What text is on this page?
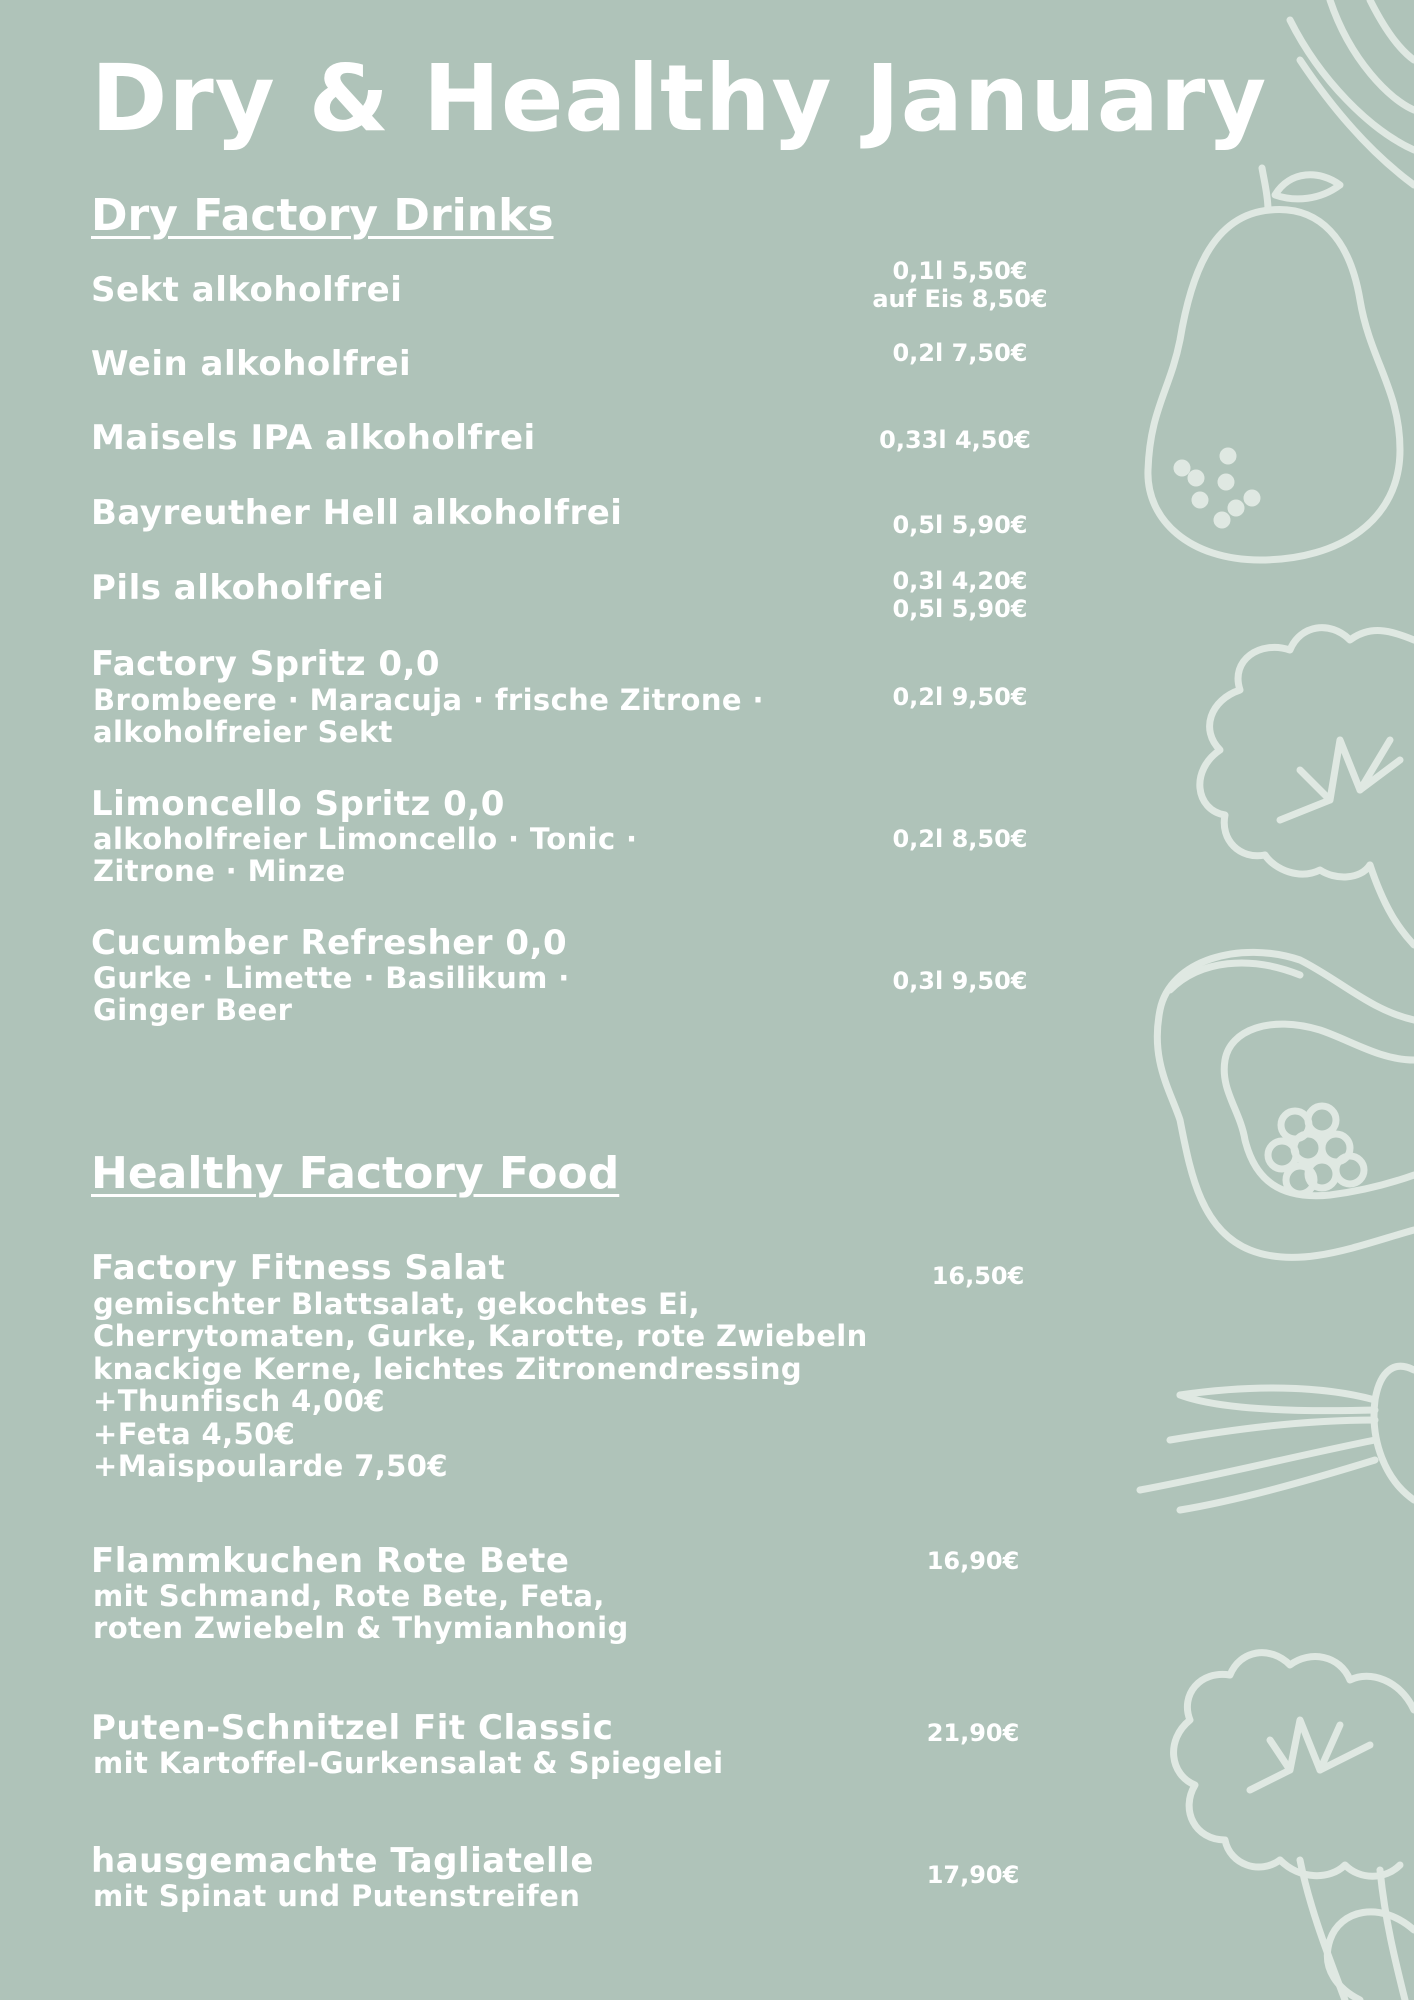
Dry & Healthy January
Dry Factory Drinks
Sekt alkoholfrei	0,1l 5,50€
auf Eis 8,50€
Wein alkoholfrei	0,2l 7,50€
Maisels IPA alkoholfrei	0,33l 4,50€
Bayreuther Hell alkoholfrei	0,5l 5,90€
Pils alkoholfrei	0,3l 4,20€
0,5l 5,90€
Factory Spritz 0,0
Brombeere · Maracuja · frische Zitrone ·
alkoholfreier Sekt
0,2l 9,50€
Limoncello Spritz 0,0
alkoholfreier Limoncello · Tonic ·
Zitrone · Minze
0,2l 8,50€
Cucumber Refresher 0,0
Gurke · Limette · Basilikum ·
Ginger Beer
0,3l 9,50€
Healthy Factory Food
Factory Fitness Salat
gemischter Blattsalat, gekochtes Ei,
Cherrytomaten, Gurke, Karotte, rote Zwiebeln
knackige Kerne, leichtes Zitronendressing
+Thunfisch 4,00€
+Feta 4,50€
+Maispoularde 7,50€
16,50€
Flammkuchen Rote Bete
mit Schmand, Rote Bete, Feta,
roten Zwiebeln & Thymianhonig
16,90€
Puten-Schnitzel Fit Classic
mit Kartoffel-Gurkensalat & Spiegelei
21,90€
hausgemachte Tagliatelle
mit Spinat und Putenstreifen
17,90€
